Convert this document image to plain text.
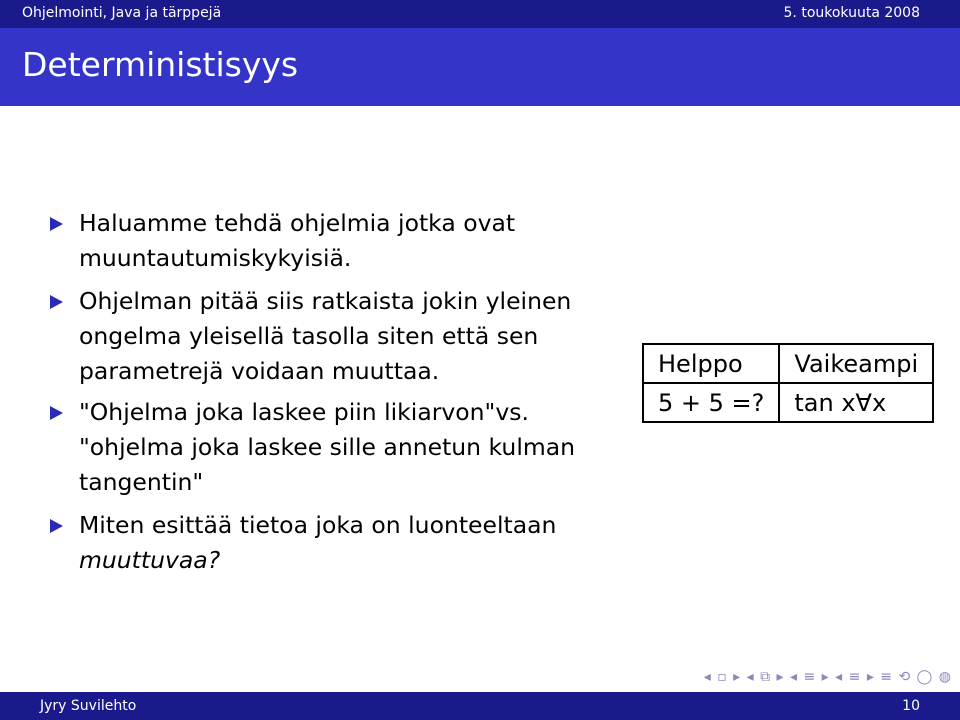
Ohjelmointi, Java ja tärppejä	5. toukokuuta 2008
Deterministisyys
Haluamme tehdä ohjelmia jotka ovat muuntautumiskykyisiä.
Ohjelman pitää siis ratkaista jokin yleinen ongelma yleisellä tasolla siten että sen parametrejä voidaan muuttaa.
"Ohjelma joka laskee piin likiarvon"vs. "ohjelma joka laskee sille annetun kulman tangentin"
Miten esittää tietoa joka on luonteeltaan muuttuvaa?
Helppo	Vaikeampi
5 + 5 =?	tan x∀x
◂ ▫ ▸ ◂ ⧉ ▸ ◂ ≡ ▸ ◂ ≡ ▸ ≡ ⟲ ◯ ◍
Jyry Suvilehto	10
